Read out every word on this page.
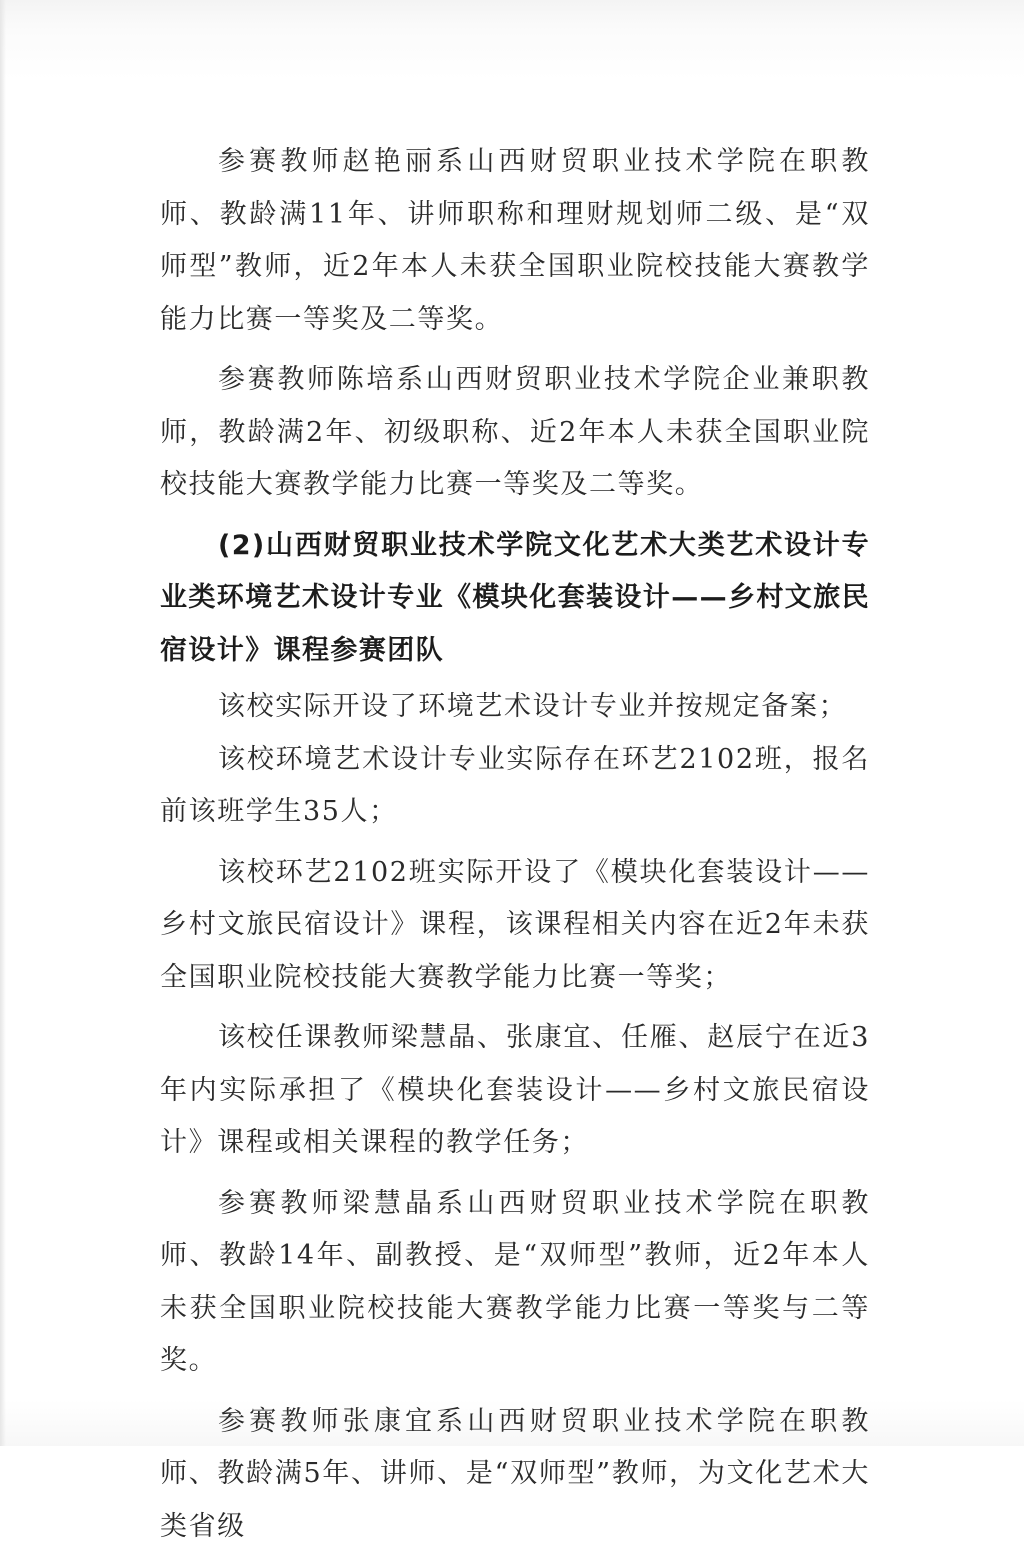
参赛教师赵艳丽系山西财贸职业技术学院在职教师、教龄满11年、讲师职称和理财规划师二级、是“双师型”教师，近2年本人未获全国职业院校技能大赛教学能力比赛一等奖及二等奖。

参赛教师陈培系山西财贸职业技术学院企业兼职教师，教龄满2年、初级职称、近2年本人未获全国职业院校技能大赛教学能力比赛一等奖及二等奖。

(2)山西财贸职业技术学院文化艺术大类艺术设计专业类环境艺术设计专业《模块化套装设计——乡村文旅民宿设计》课程参赛团队

该校实际开设了环境艺术设计专业并按规定备案；

该校环境艺术设计专业实际存在环艺2102班，报名前该班学生35人；

该校环艺2102班实际开设了《模块化套装设计——乡村文旅民宿设计》课程，该课程相关内容在近2年未获全国职业院校技能大赛教学能力比赛一等奖；

该校任课教师梁慧晶、张康宜、任雁、赵辰宁在近3年内实际承担了《模块化套装设计——乡村文旅民宿设计》课程或相关课程的教学任务；

参赛教师梁慧晶系山西财贸职业技术学院在职教师、教龄14年、副教授、是“双师型”教师，近2年本人未获全国职业院校技能大赛教学能力比赛一等奖与二等奖。

参赛教师张康宜系山西财贸职业技术学院在职教师、教龄满5年、讲师、是“双师型”教师，为文化艺术大类省级
